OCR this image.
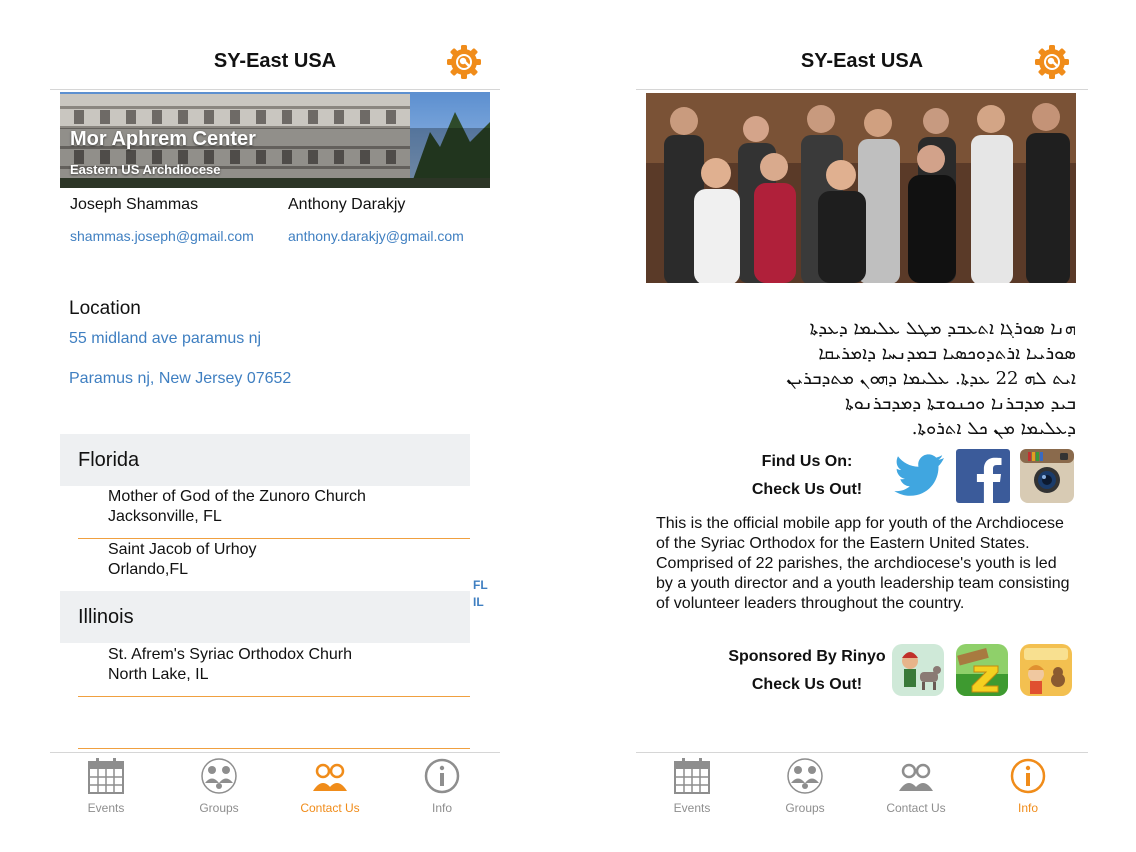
SY-East USA
Mor Aphrem Center
Eastern US Archdiocese
Joseph Shammas
shammas.joseph@gmail.com
Anthony Darakjy
anthony.darakjy@gmail.com
Location
55 midland ave paramus nj
Paramus nj, New Jersey 07652
Florida
Mother of God of the Zunoro Church
Jacksonville, FL
Saint Jacob of Urhoy
Orlando,FL
Illinois
St. Afrem's Syriac Orthodox Churh
North Lake, IL
FL
IL
Events	Groups	Contact Us	Info
SY-East USA
ܗܢܐ ܣܘܪܓܐ ܐܬܥܒܕ ܡܛܠ ܥܠܝܡܐ ܕܥܕܬܐ
ܣܘܪܝܝܐ ܐܪܬܕܘܟܣܝܐ ܒܡܕܢܚܐ ܕܐܡܪܝܩܐ
ܐܝܬ ܠܗ 22 ܥܕܬܐ. ܥܠܝܡܐ ܕܗܘܢ ܡܬܕܒܪܝܢ
ܒܝܕ ܡܕܒܪܢܐ ܘܟܢܘܫܬܐ ܕܡܕܒܪܢܘܬܐ
ܕܥܠܝܡܐ ܡܢ ܟܠ ܐܬܪܘܬܐ.
Find Us On:
Check Us Out!
This is the official mobile app for youth of the Archdiocese of the Syriac Orthodox for the Eastern United States. Comprised of 22 parishes, the archdiocese's youth is led by a youth director and a youth leadership team consisting of volunteer leaders throughout the country.
Sponsored By Rinyo
Check Us Out!
Events	Groups	Contact Us	Info
